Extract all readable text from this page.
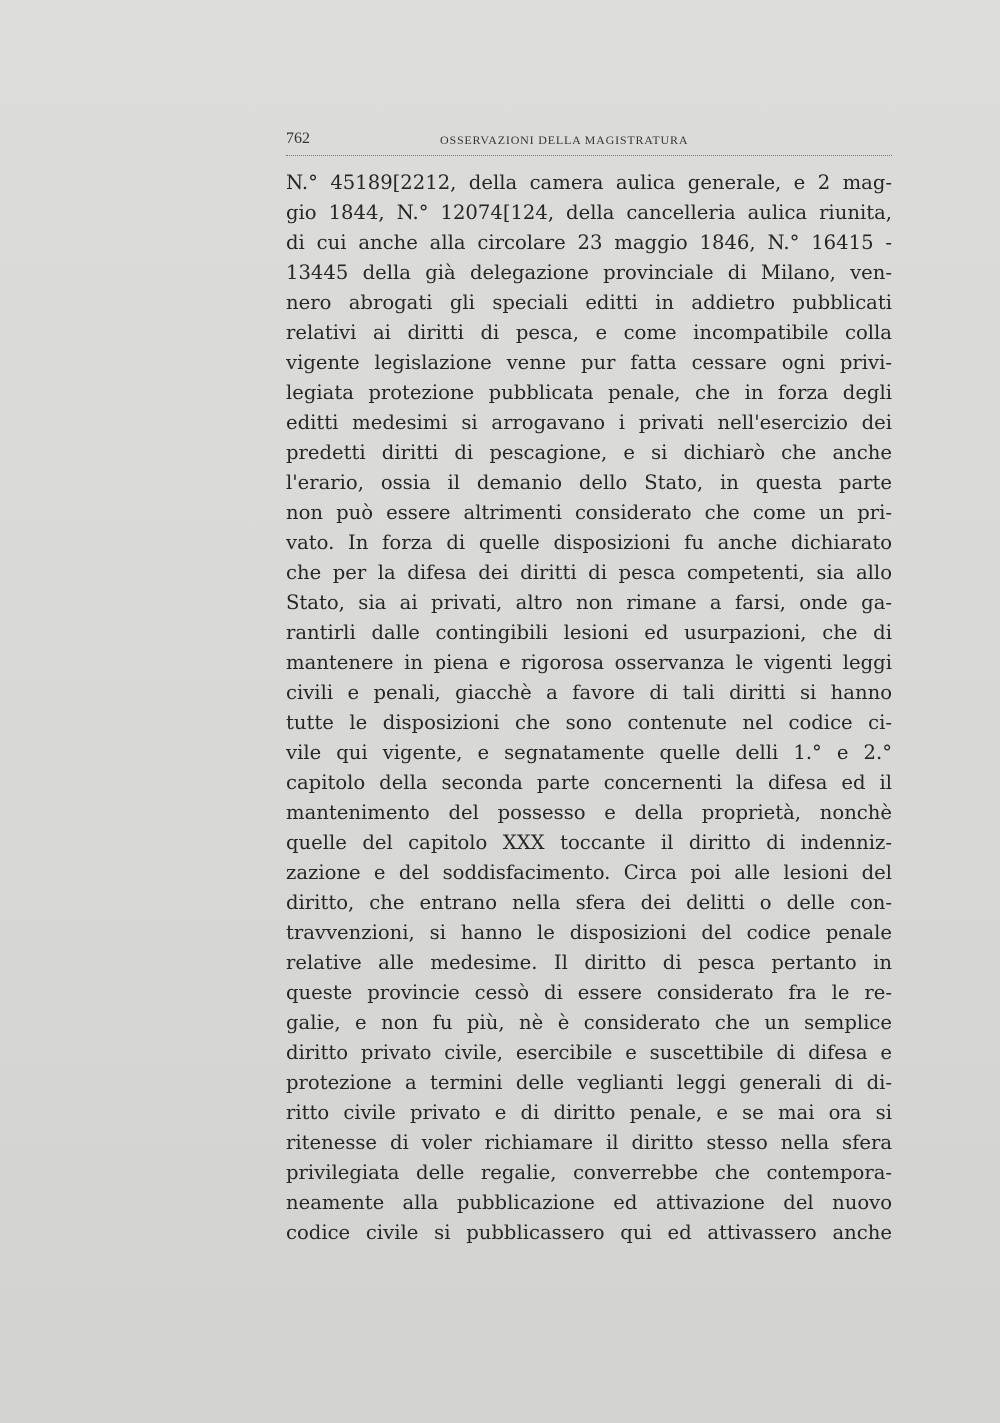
762	OSSERVAZIONI DELLA MAGISTRATURA
N.° 45189[2212, della camera aulica generale, e 2 mag-
gio 1844, N.° 12074[124, della cancelleria aulica riunita,
di cui anche alla circolare 23 maggio 1846, N.° 16415 -
13445 della già delegazione provinciale di Milano, ven-
nero abrogati gli speciali editti in addietro pubblicati
relativi ai diritti di pesca, e come incompatibile colla
vigente legislazione venne pur fatta cessare ogni privi-
legiata protezione pubblicata penale, che in forza degli
editti medesimi si arrogavano i privati nell'esercizio dei
predetti diritti di pescagione, e si dichiarò che anche
l'erario, ossia il demanio dello Stato, in questa parte
non può essere altrimenti considerato che come un pri-
vato. In forza di quelle disposizioni fu anche dichiarato
che per la difesa dei diritti di pesca competenti, sia allo
Stato, sia ai privati, altro non rimane a farsi, onde ga-
rantirli dalle contingibili lesioni ed usurpazioni, che di
mantenere in piena e rigorosa osservanza le vigenti leggi
civili e penali, giacchè a favore di tali diritti si hanno
tutte le disposizioni che sono contenute nel codice ci-
vile qui vigente, e segnatamente quelle delli 1.° e 2.°
capitolo della seconda parte concernenti la difesa ed il
mantenimento del possesso e della proprietà, nonchè
quelle del capitolo XXX toccante il diritto di indenniz-
zazione e del soddisfacimento. Circa poi alle lesioni del
diritto, che entrano nella sfera dei delitti o delle con-
travvenzioni, si hanno le disposizioni del codice penale
relative alle medesime. Il diritto di pesca pertanto in
queste provincie cessò di essere considerato fra le re-
galie, e non fu più, nè è considerato che un semplice
diritto privato civile, esercibile e suscettibile di difesa e
protezione a termini delle veglianti leggi generali di di-
ritto civile privato e di diritto penale, e se mai ora si
ritenesse di voler richiamare il diritto stesso nella sfera
privilegiata delle regalie, converrebbe che contempora-
neamente alla pubblicazione ed attivazione del nuovo
codice civile si pubblicassero qui ed attivassero anche
